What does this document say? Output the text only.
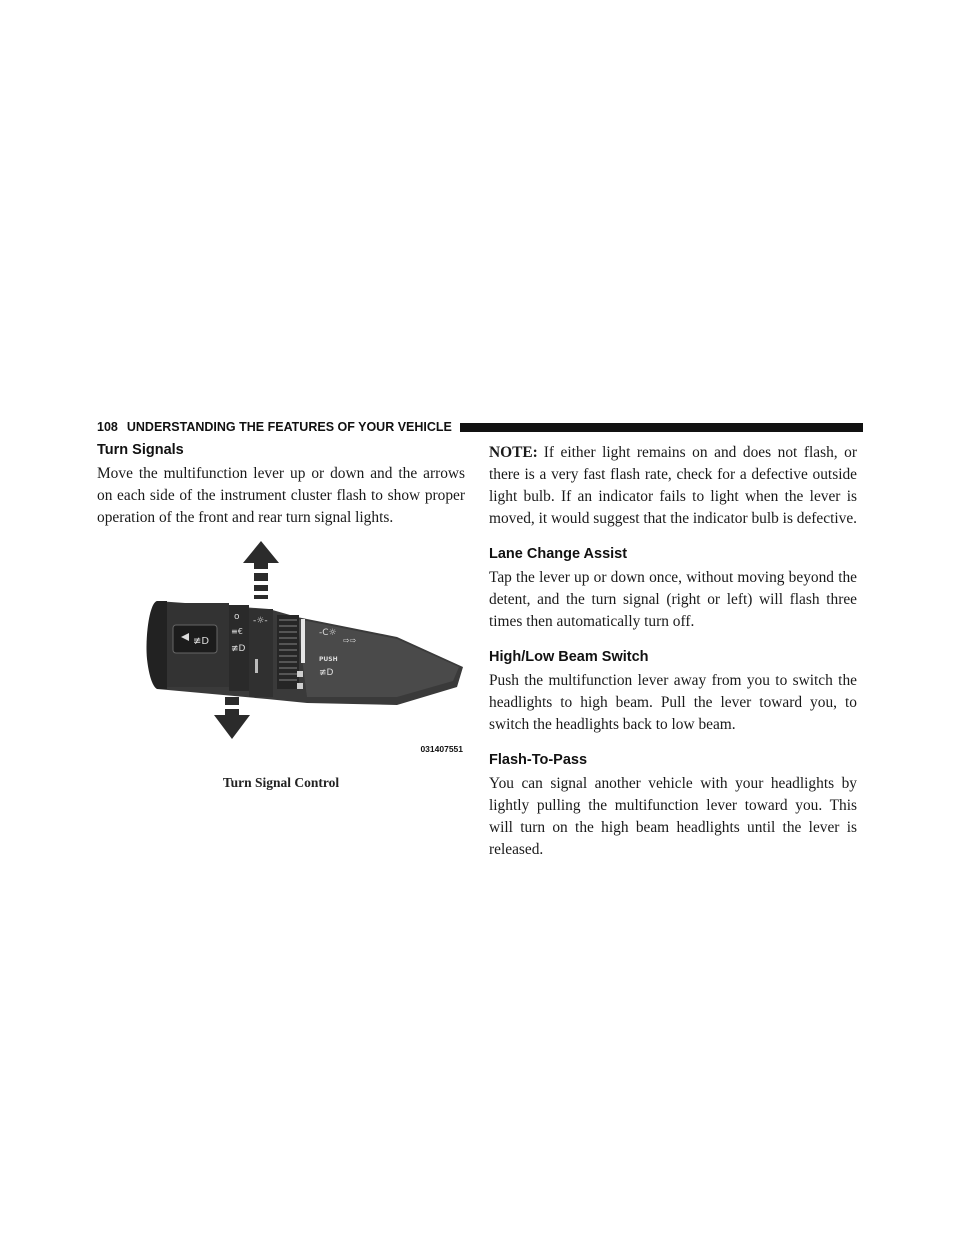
108 UNDERSTANDING THE FEATURES OF YOUR VEHICLE
Turn Signals

Move the multifunction lever up or down and the arrows on each side of the instrument cluster flash to show proper operation of the front and rear turn signal lights.

≢D
o
≡€
≢D
-☼-
-C☼
PUSH
≢D
⇨⇨
031407551
Turn Signal Control

NOTE: If either light remains on and does not flash, or there is a very fast flash rate, check for a defective outside light bulb. If an indicator fails to light when the lever is moved, it would suggest that the indicator bulb is defective.

Lane Change Assist

Tap the lever up or down once, without moving beyond the detent, and the turn signal (right or left) will flash three times then automatically turn off.

High/Low Beam Switch

Push the multifunction lever away from you to switch the headlights to high beam. Pull the lever toward you, to switch the headlights back to low beam.

Flash-To-Pass

You can signal another vehicle with your headlights by lightly pulling the multifunction lever toward you. This will turn on the high beam headlights until the lever is released.
